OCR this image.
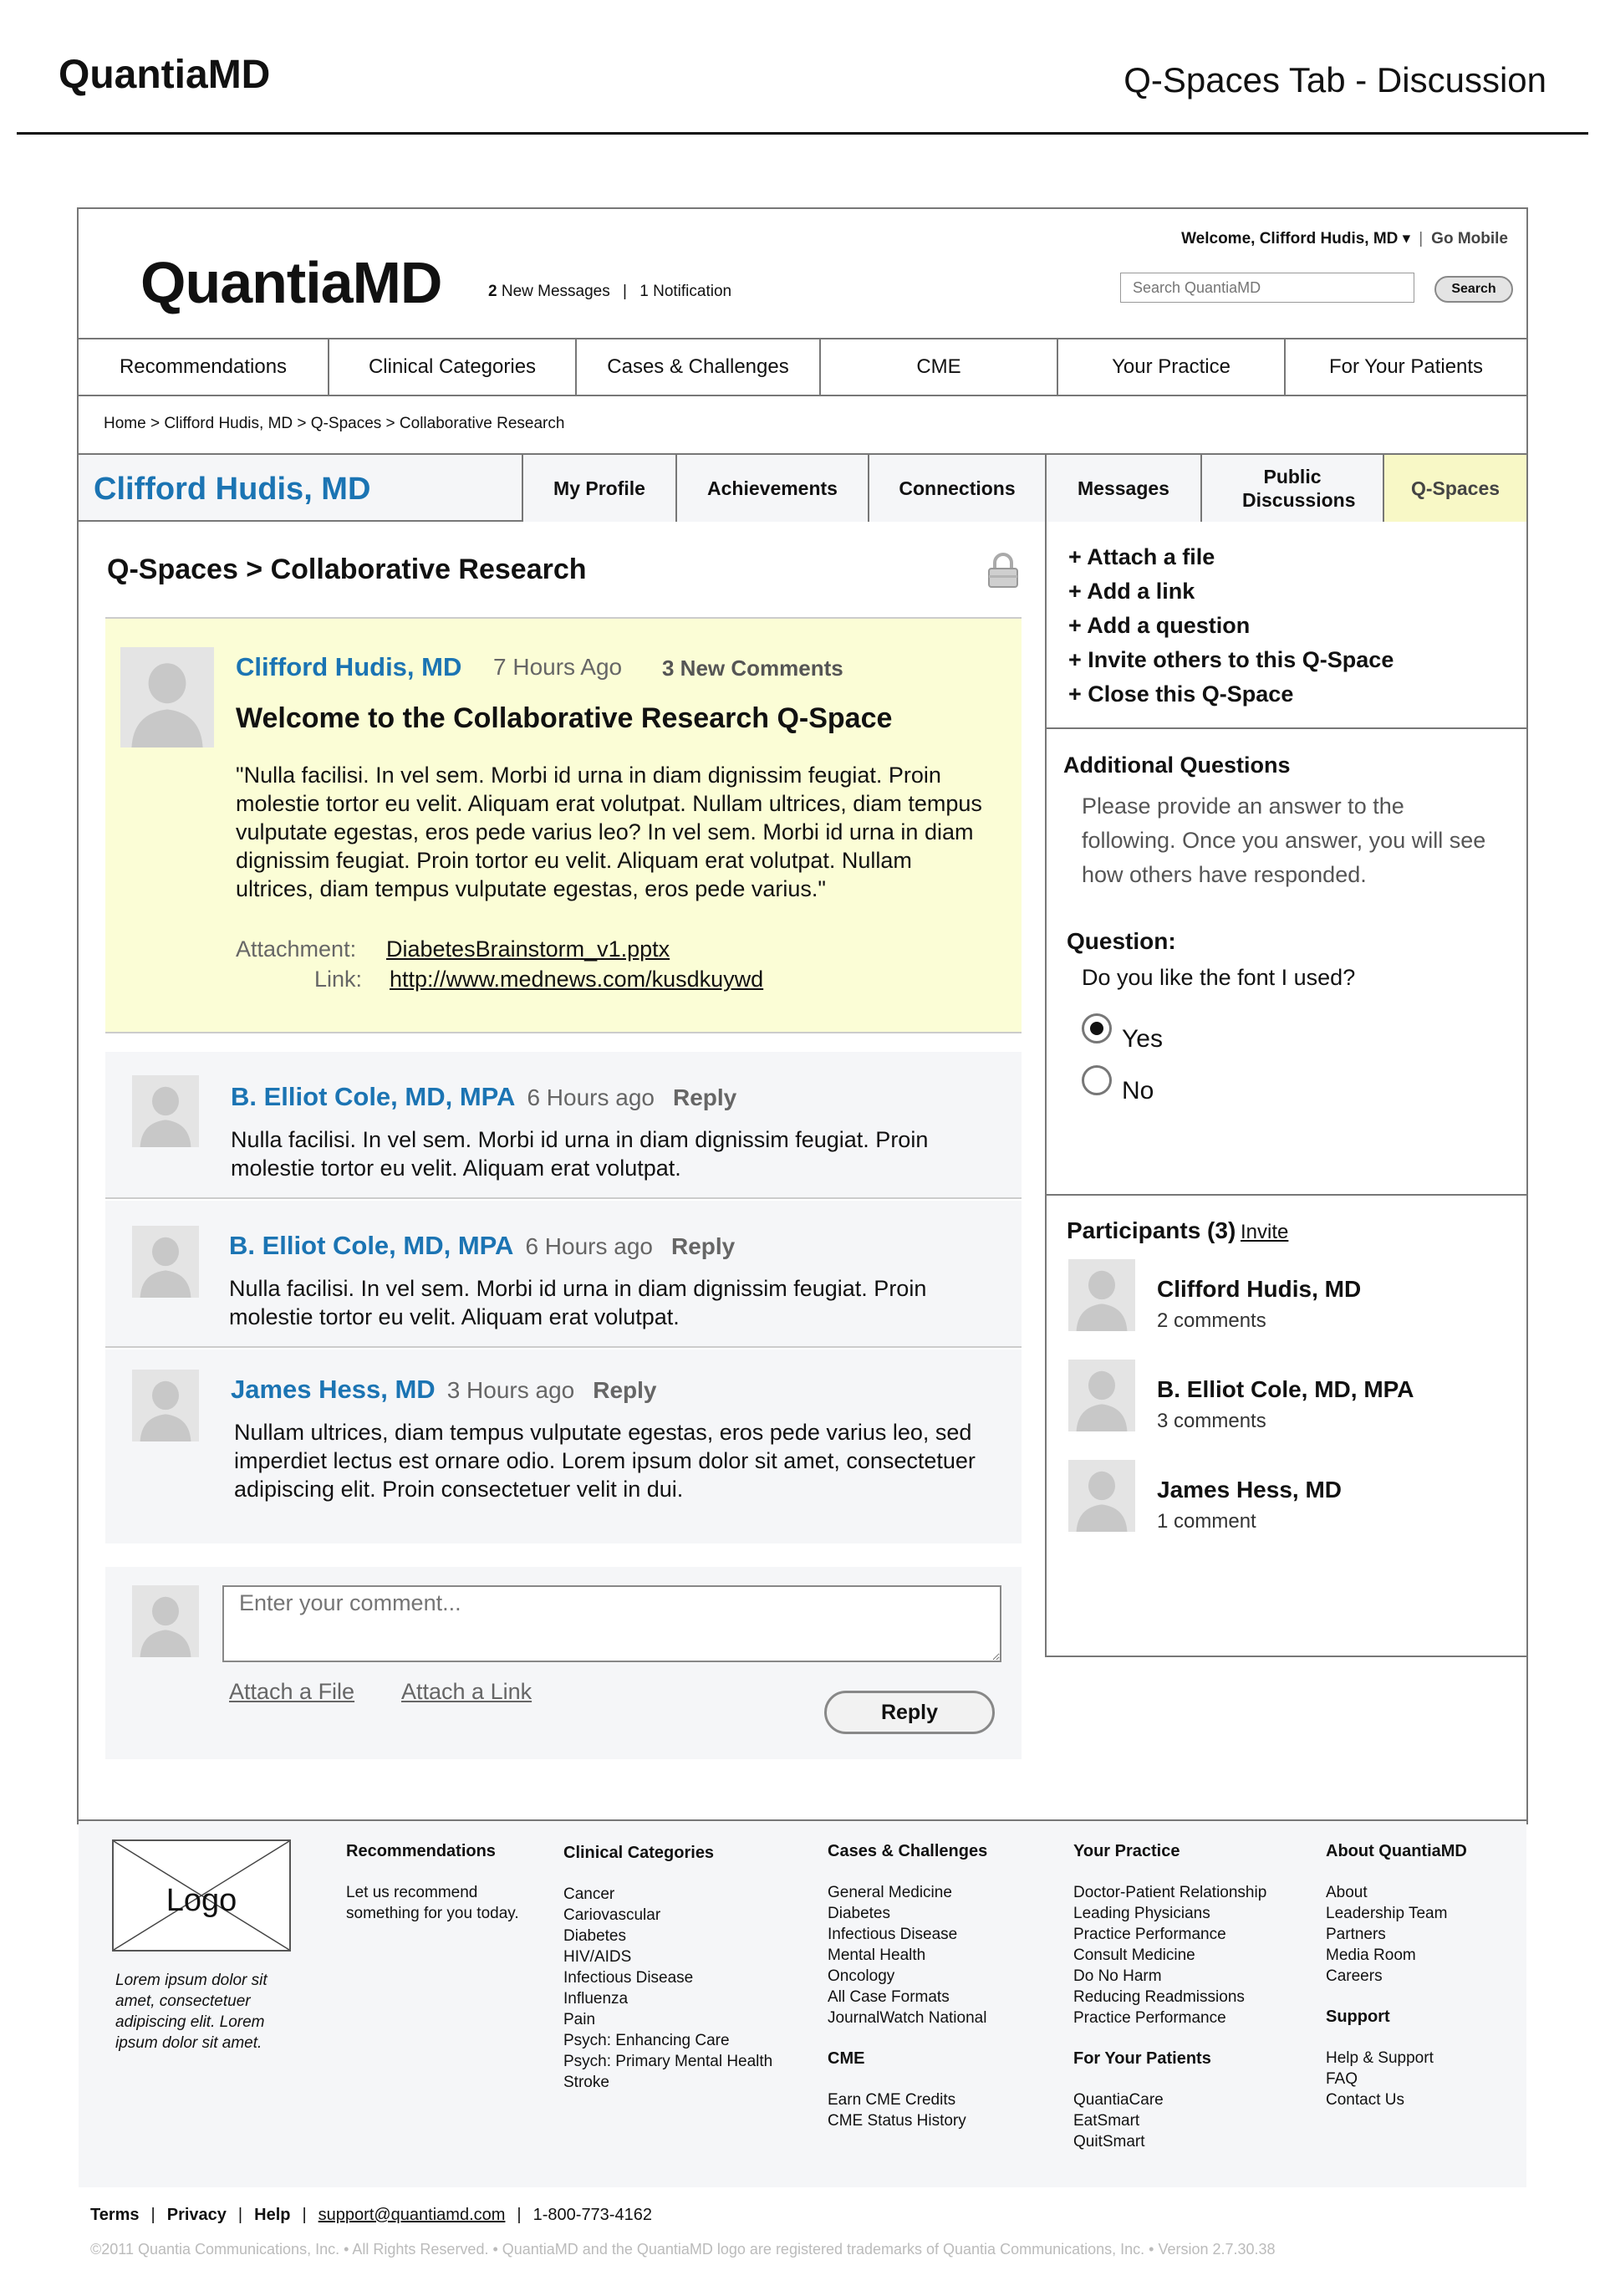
QuantiaMD	Q-Spaces Tab - Discussion
QuantiaMD	2 New Messages | 1 Notification
Welcome, Clifford Hudis, MD ▾ | Go Mobile
Search QuantiaMD
Search
Recommendations	Clinical Categories	Cases & Challenges	CME	Your Practice	For Your Patients
Home > Clifford Hudis, MD > Q-Spaces > Collaborative Research
Clifford Hudis, MD	My Profile	Achievements	Connections	Messages
Public Discussions
Q-Spaces
Q-Spaces > Collaborative Research
Clifford Hudis, MD 7 Hours Ago 3 New Comments
Welcome to the Collaborative Research Q-Space
"Nulla facilisi. In vel sem. Morbi id urna in diam dignissim feugiat. Proin molestie tortor eu velit. Aliquam erat volutpat. Nullam ultrices, diam tempus vulputate egestas, eros pede varius leo? In vel sem. Morbi id urna in diam dignissim feugiat. Proin tortor eu velit. Aliquam erat volutpat. Nullam ultrices, diam tempus vulputate egestas, eros pede varius."
Attachment: DiabetesBrainstorm_v1.pptx
Link: http://www.mednews.com/kusdkuywd
B. Elliot Cole, MD, MPA 6 Hours ago Reply
Nulla facilisi. In vel sem. Morbi id urna in diam dignissim feugiat. Proin molestie tortor eu velit. Aliquam erat volutpat.
B. Elliot Cole, MD, MPA 6 Hours ago Reply
Nulla facilisi. In vel sem. Morbi id urna in diam dignissim feugiat. Proin molestie tortor eu velit. Aliquam erat volutpat.
James Hess, MD 3 Hours ago Reply
Nullam ultrices, diam tempus vulputate egestas, eros pede varius leo, sed imperdiet lectus est ornare odio. Lorem ipsum dolor sit amet, consectetuer adipiscing elit. Proin consectetuer velit in dui.
Enter your comment...
Attach a File Attach a Link
Reply
+ Attach a file
+ Add a link
+ Add a question
+ Invite others to this Q-Space
+ Close this Q-Space
Additional Questions
Please provide an answer to the following. Once you answer, you will see how others have responded.
Question:
Do you like the font I used?
Yes
No
Participants (3) Invite
Clifford Hudis, MD
2 comments
B. Elliot Cole, MD, MPA
3 comments
James Hess, MD
1 comment
Logo
Lorem ipsum dolor sit amet, consectetuer adipiscing elit. Lorem ipsum dolor sit amet.
Recommendations
Let us recommend
something for you today.
Clinical Categories
Cancer
Cariovascular
Diabetes
HIV/AIDS
Infectious Disease
Influenza
Pain
Psych: Enhancing Care
Psych: Primary Mental Health
Stroke
Cases & Challenges
General Medicine
Diabetes
Infectious Disease
Mental Health
Oncology
All Case Formats
JournalWatch National
CME
Earn CME Credits
CME Status History
Your Practice
Doctor-Patient Relationship
Leading Physicians
Practice Performance
Consult Medicine
Do No Harm
Reducing Readmissions
Practice Performance
For Your Patients
QuantiaCare
EatSmart
QuitSmart
About QuantiaMD
About
Leadership Team
Partners
Media Room
Careers
Support
Help & Support
FAQ
Contact Us
Terms | Privacy | Help | support@quantiamd.com | 1-800-773-4162
©2011 Quantia Communications, Inc. • All Rights Reserved. • QuantiaMD and the QuantiaMD logo are registered trademarks of Quantia Communications, Inc. • Version 2.7.30.38
